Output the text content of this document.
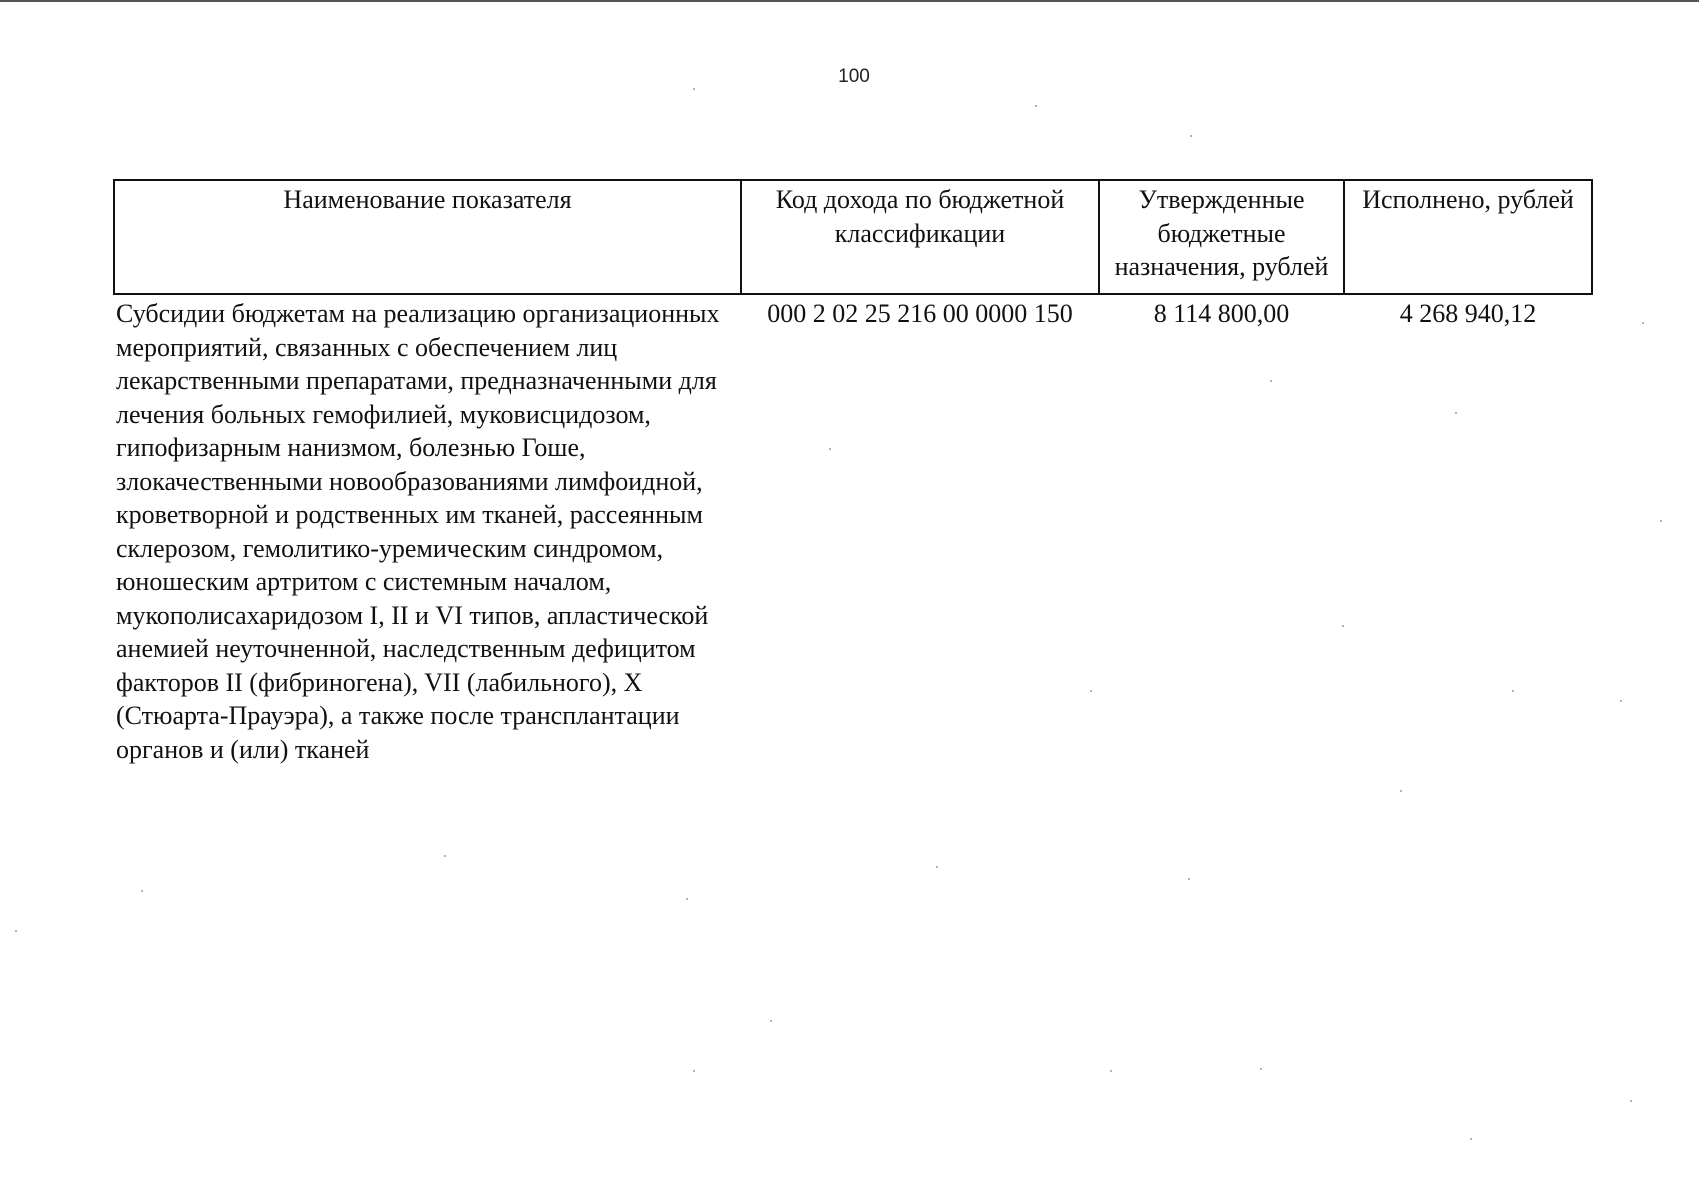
100
Наименование показателя	Код дохода по бюджетной классификации	Утвержденные бюджетные назначения, рублей	Исполнено, рублей
Субсидии бюджетам на реализацию организационных мероприятий, связанных с обеспечением лиц лекарственными препаратами, предназначенными для лечения больных гемофилией, муковисцидозом, гипофизарным нанизмом, болезнью Гоше, злокачественными новообразованиями лимфоидной, кроветворной и родственных им тканей, рассеянным склерозом, гемолитико-уремическим синдромом, юношеским артритом с системным началом, мукополисахаридозом I, II и VI типов, апластической анемией неуточненной, наследственным дефицитом факторов II (фибриногена), VII (лабильного), X (Стюарта-Прауэра), а также после трансплантации органов и (или) тканей	000 2 02 25 216 00 0000 150	8 114 800,00	4 268 940,12
